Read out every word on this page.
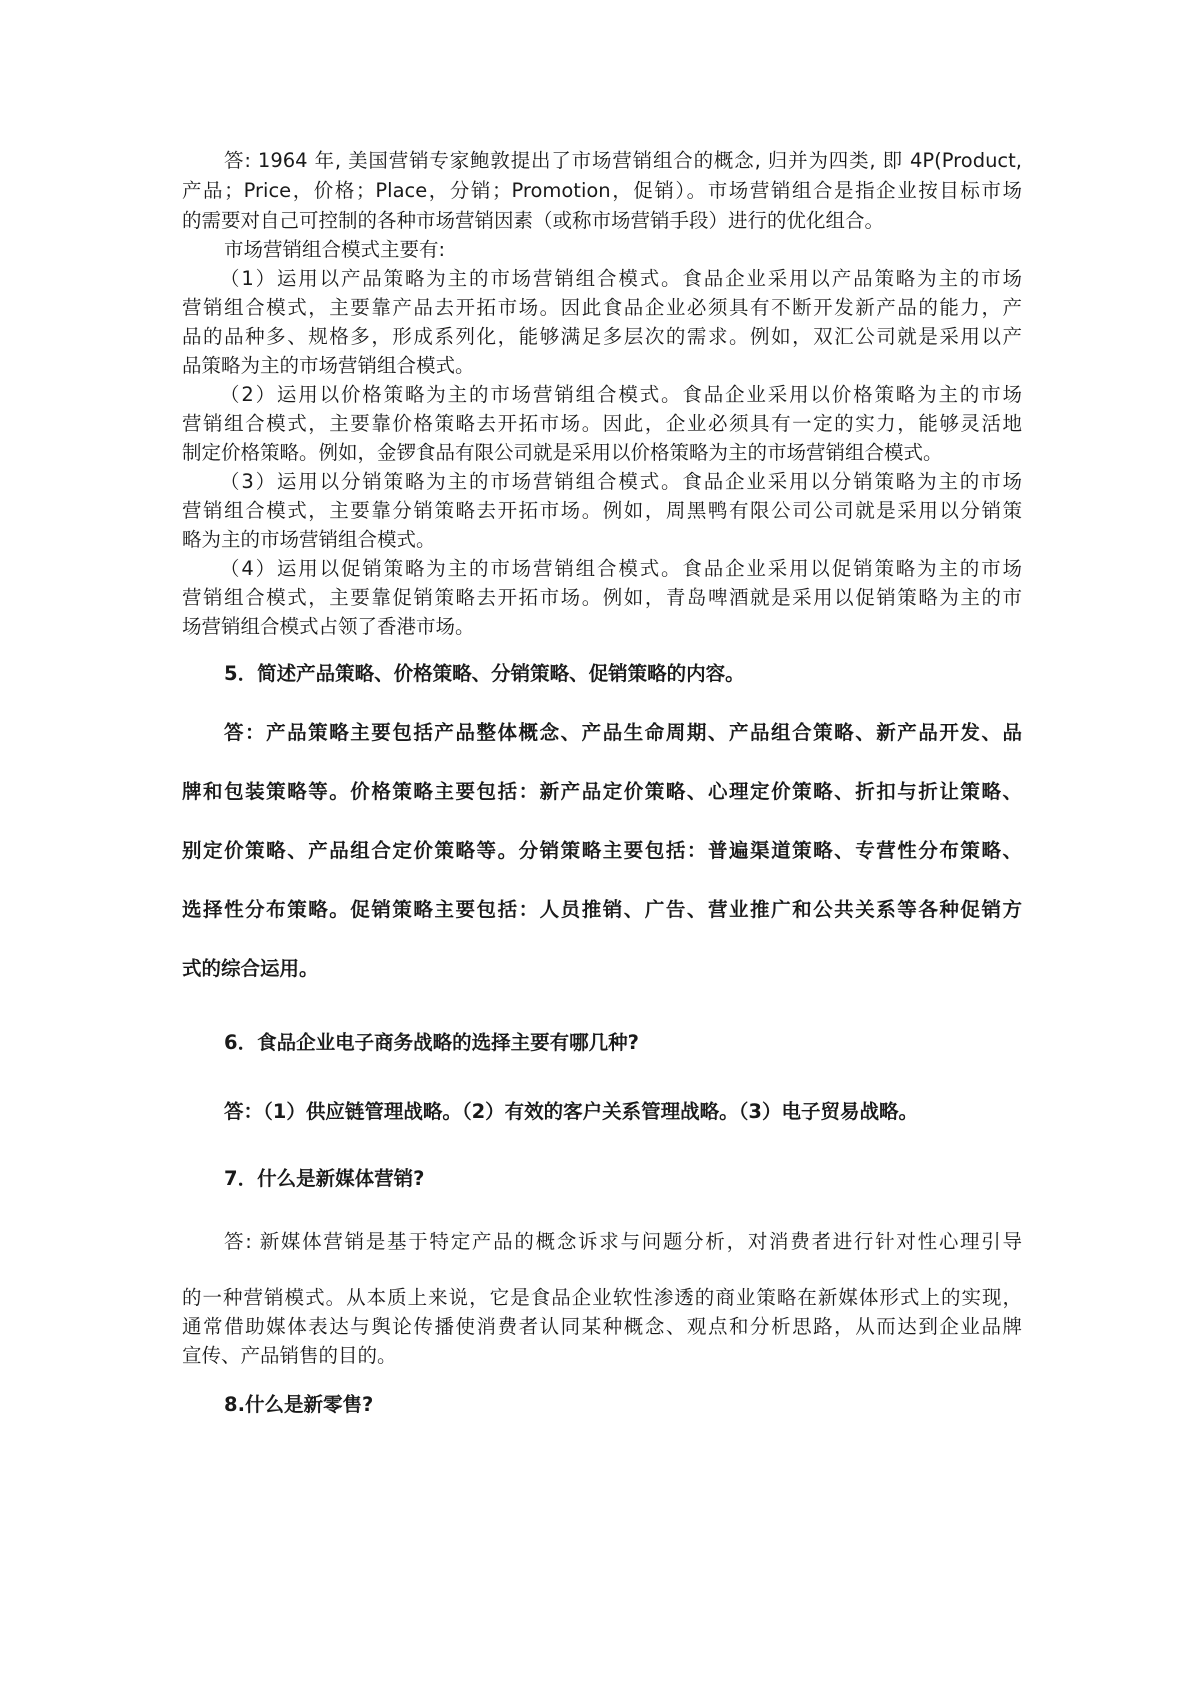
答: 1964 年, 美国营销专家鲍敦提出了市场营销组合的概念, 归并为四类, 即 4P(Product,
产品；Price，价格；Place，分销；Promotion，促销）。市场营销组合是指企业按目标市场
的需要对自己可控制的各种市场营销因素（或称市场营销手段）进行的优化组合。
市场营销组合模式主要有:
（1）运用以产品策略为主的市场营销组合模式。食品企业采用以产品策略为主的市场
营销组合模式，主要靠产品去开拓市场。因此食品企业必须具有不断开发新产品的能力，产
品的品种多、规格多，形成系列化，能够满足多层次的需求。例如，双汇公司就是采用以产
品策略为主的市场营销组合模式。
（2）运用以价格策略为主的市场营销组合模式。食品企业采用以价格策略为主的市场
营销组合模式，主要靠价格策略去开拓市场。因此，企业必须具有一定的实力，能够灵活地
制定价格策略。例如，金锣食品有限公司就是采用以价格策略为主的市场营销组合模式。
（3）运用以分销策略为主的市场营销组合模式。食品企业采用以分销策略为主的市场
营销组合模式，主要靠分销策略去开拓市场。例如，周黑鸭有限公司公司就是采用以分销策
略为主的市场营销组合模式。
（4）运用以促销策略为主的市场营销组合模式。食品企业采用以促销策略为主的市场
营销组合模式，主要靠促销策略去开拓市场。例如，青岛啤酒就是采用以促销策略为主的市
场营销组合模式占领了香港市场。
5．简述产品策略、价格策略、分销策略、促销策略的内容。
答：产品策略主要包括产品整体概念、产品生命周期、产品组合策略、新产品开发、品
牌和包装策略等。价格策略主要包括：新产品定价策略、心理定价策略、折扣与折让策略、
别定价策略、产品组合定价策略等。分销策略主要包括：普遍渠道策略、专营性分布策略、
选择性分布策略。促销策略主要包括：人员推销、广告、营业推广和公共关系等各种促销方
式的综合运用。
6．食品企业电子商务战略的选择主要有哪几种?
答：（1）供应链管理战略。（2）有效的客户关系管理战略。（3）电子贸易战略。
7．什么是新媒体营销?
答: 新媒体营销是基于特定产品的概念诉求与问题分析，对消费者进行针对性心理引导
的一种营销模式。从本质上来说，它是食品企业软性渗透的商业策略在新媒体形式上的实现，
通常借助媒体表达与舆论传播使消费者认同某种概念、观点和分析思路，从而达到企业品牌
宣传、产品销售的目的。
8.什么是新零售?
